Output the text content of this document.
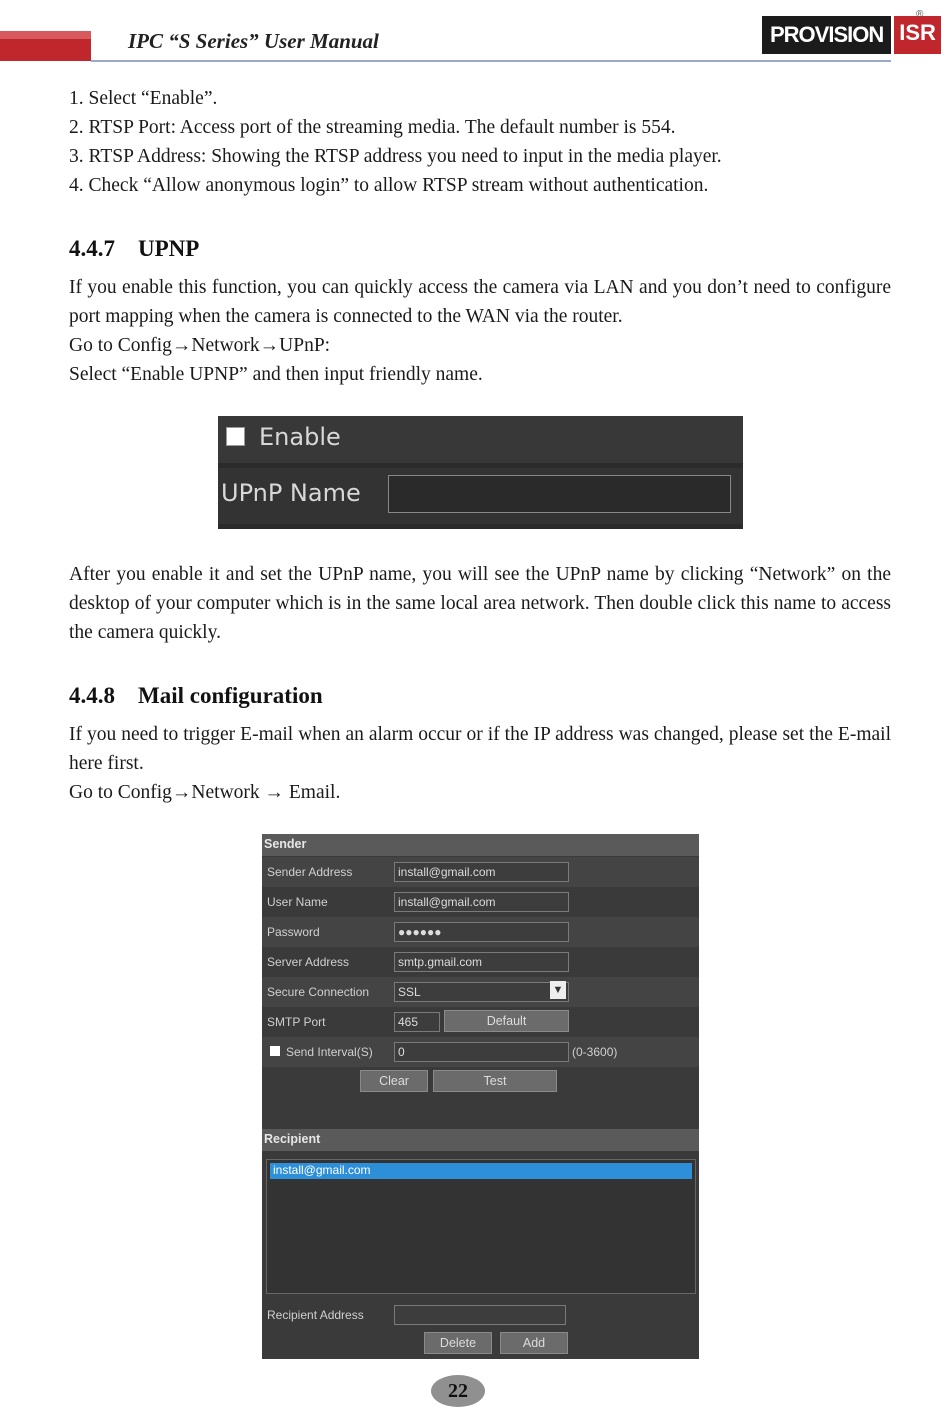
IPC “S Series” User Manual	PROVISION ISR
®
1. Select “Enable”.
2. RTSP Port: Access port of the streaming media. The default number is 554.
3. RTSP Address: Showing the RTSP address you need to input in the media player.
4. Check “Allow anonymous login” to allow RTSP stream without authentication.
4.4.7 UPNP
If you enable this function, you can quickly access the camera via LAN and you don’t need to configure port mapping when the camera is connected to the WAN via the router.
Go to Config→Network→UPnP:
Select “Enable UPNP” and then input friendly name.
Enable
UPnP Name
After you enable it and set the UPnP name, you will see the UPnP name by clicking “Network” on the desktop of your computer which is in the same local area network. Then double click this name to access the camera quickly.
4.4.8 Mail configuration
If you need to trigger E-mail when an alarm occur or if the IP address was changed, please set the E-mail here first.
Go to Config→Network → Email.
Sender
Sender Address	install@gmail.com
User Name	install@gmail.com
Password	●●●●●●
Server Address	smtp.gmail.com
Secure Connection	SSL	▼
SMTP Port	465	Default
Send Interval(S)	0	(0-3600)
Clear	Test
Recipient
install@gmail.com
Recipient Address
Delete	Add
22
